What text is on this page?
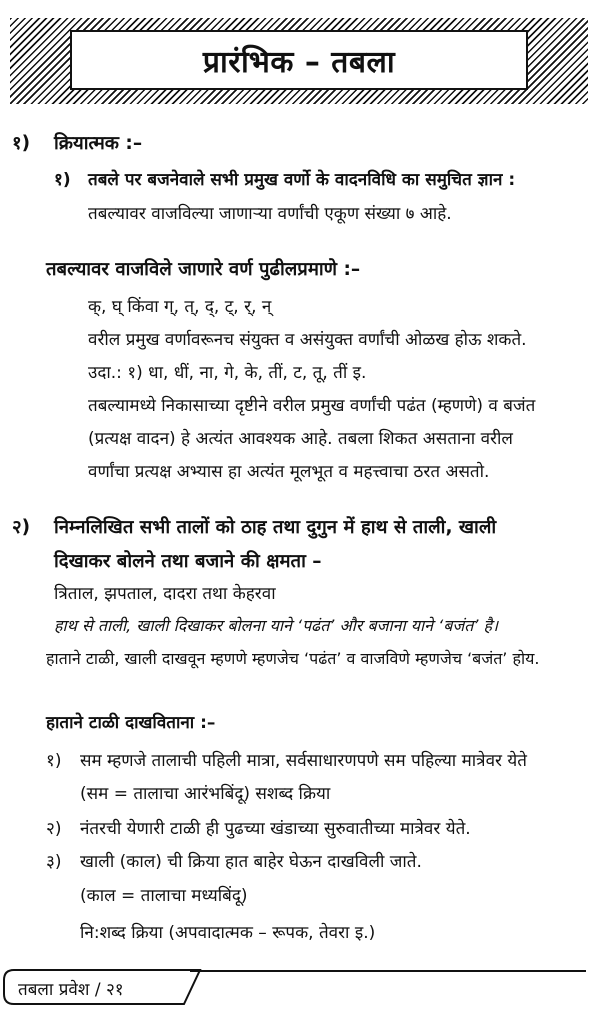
प्रारंभिक – तबला
१) क्रियात्मक :–
१) तबले पर बजनेवाले सभी प्रमुख वर्णो के वादनविधि का समुचित ज्ञान :
तबल्यावर वाजविल्या जाणाऱ्या वर्णांची एकूण संख्या ७ आहे.
तबल्यावर वाजविले जाणारे वर्ण पुढीलप्रमाणे :–
क्, घ् किंवा ग्, त्, द्, ट्, र्, न्
वरील प्रमुख वर्णावरूनच संयुक्त व असंयुक्त वर्णांची ओळख होऊ शकते.
उदा.: १) धा, धीं, ना, गे, के, तीं, ट, तू, तीं इ.
तबल्यामध्ये निकासाच्या दृष्टीने वरील प्रमुख वर्णांची पढंत (म्हणणे) व बजंत
(प्रत्यक्ष वादन) हे अत्यंत आवश्यक आहे. तबला शिकत असताना वरील
वर्णांचा प्रत्यक्ष अभ्यास हा अत्यंत मूलभूत व महत्त्वाचा ठरत असतो.
२) निम्नलिखित सभी तालों को ठाह तथा दुगुन में हाथ से ताली, खाली
दिखाकर बोलने तथा बजाने की क्षमता –
त्रिताल, झपताल, दादरा तथा केहरवा
हाथ से ताली, खाली दिखाकर बोलना याने ‘पढंत’ और बजाना याने ‘बजंत’ है।
हाताने टाळी, खाली दाखवून म्हणणे म्हणजेच ‘पढंत’ व वाजविणे म्हणजेच ‘बजंत’ होय.
हाताने टाळी दाखविताना :–
१) सम म्हणजे तालाची पहिली मात्रा, सर्वसाधारणपणे सम पहिल्या मात्रेवर येते
(सम = तालाचा आरंभबिंदू) सशब्द क्रिया
२) नंतरची येणारी टाळी ही पुढच्या खंडाच्या सुरुवातीच्या मात्रेवर येते.
३) खाली (काल) ची क्रिया हात बाहेर घेऊन दाखविली जाते.
(काल = तालाचा मध्यबिंदू)
नि:शब्द क्रिया (अपवादात्मक – रूपक, तेवरा इ.)
तबला प्रवेश / २१
